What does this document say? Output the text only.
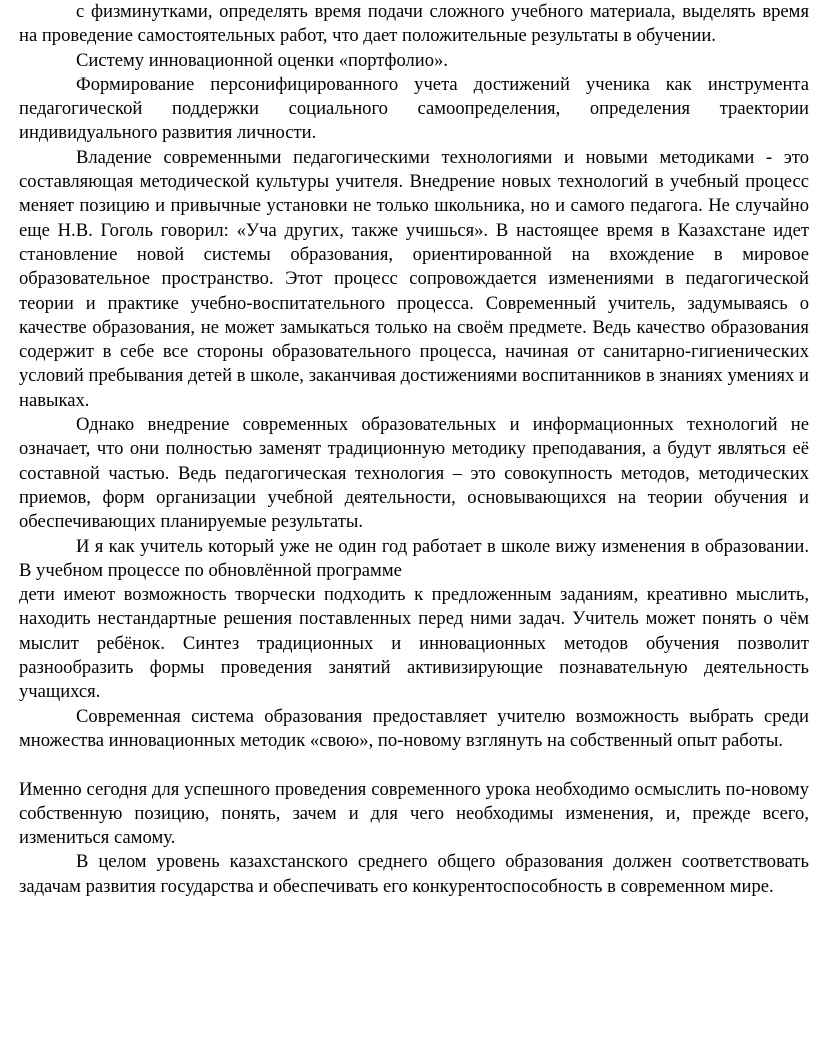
с физминутками, определять время подачи сложного учебного материала, выделять время на проведение самостоятельных работ, что дает положительные результаты в обучении.

Систему инновационной оценки «портфолио».

Формирование персонифицированного учета достижений ученика как инструмента педагогической поддержки социального самоопределения, определения траектории индивидуального развития личности.

Владение современными педагогическими технологиями и новыми методиками - это составляющая методической культуры учителя. Внедрение новых технологий в учебный процесс меняет позицию и привычные установки не только школьника, но и самого педагога. Не случайно еще Н.В. Гоголь говорил: «Уча других, также учишься». В настоящее время в Казахстане идет становление новой системы образования, ориентированной на вхождение в мировое образовательное пространство. Этот процесс сопровождается изменениями в педагогической теории и практике учебно-воспитательного процесса. Современный учитель, задумываясь о качестве образования, не может замыкаться только на своём предмете. Ведь качество образования содержит в себе все стороны образовательного процесса, начиная от санитарно-гигиенических условий пребывания детей в школе, заканчивая достижениями воспитанников в знаниях умениях и навыках.

Однако внедрение современных образовательных и информационных технологий не означает, что они полностью заменят традиционную методику преподавания, а будут являться её составной частью. Ведь педагогическая технология – это совокупность методов, методических приемов, форм организации учебной деятельности, основывающихся на теории обучения и обеспечивающих планируемые результаты.

И я как учитель который уже не один год работает в школе вижу изменения в образовании. В учебном процессе по обновлённой программе

дети имеют возможность творчески подходить к предложенным заданиям, креативно мыслить, находить нестандартные решения поставленных перед ними задач. Учитель может понять о чём мыслит ребёнок. Синтез традиционных и инновационных методов обучения позволит разнообразить формы проведения занятий активизирующие познавательную деятельность учащихся.

Современная система образования предоставляет учителю возможность выбрать среди множества инновационных методик «свою», по-новому взглянуть на собственный опыт работы.

Именно сегодня для успешного проведения современного урока необходимо осмыслить по-новому собственную позицию, понять, зачем и для чего необходимы изменения, и, прежде всего, измениться самому.

В целом уровень казахстанского среднего общего образования должен соответствовать задачам развития государства и обеспечивать его конкурентоспособность в современном мире.
